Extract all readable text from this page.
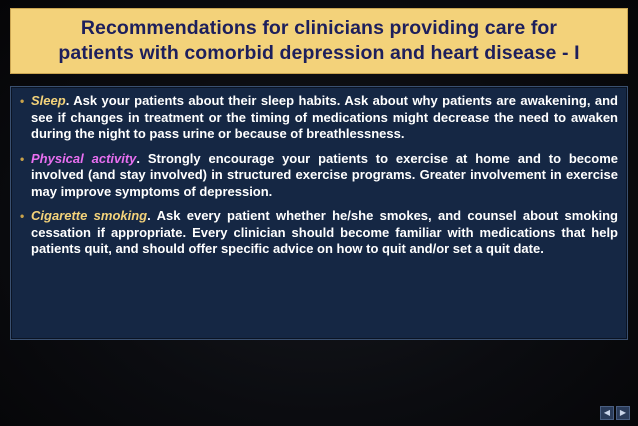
Recommendations for clinicians providing care for
patients with comorbid depression and heart disease - I
• Sleep. Ask your patients about their sleep habits. Ask about why patients are awakening, and see if changes in treatment or the timing of medications might decrease the need to awaken during the night to pass urine or because of breathlessness.
• Physical activity. Strongly encourage your patients to exercise at home and to become involved (and stay involved) in structured exercise programs. Greater involvement in exercise may improve symptoms of depression.
• Cigarette smoking. Ask every patient whether he/she smokes, and counsel about smoking cessation if appropriate. Every clinician should become familiar with medications that help patients quit, and should offer specific advice on how to quit and/or set a quit date.
◀	▶
